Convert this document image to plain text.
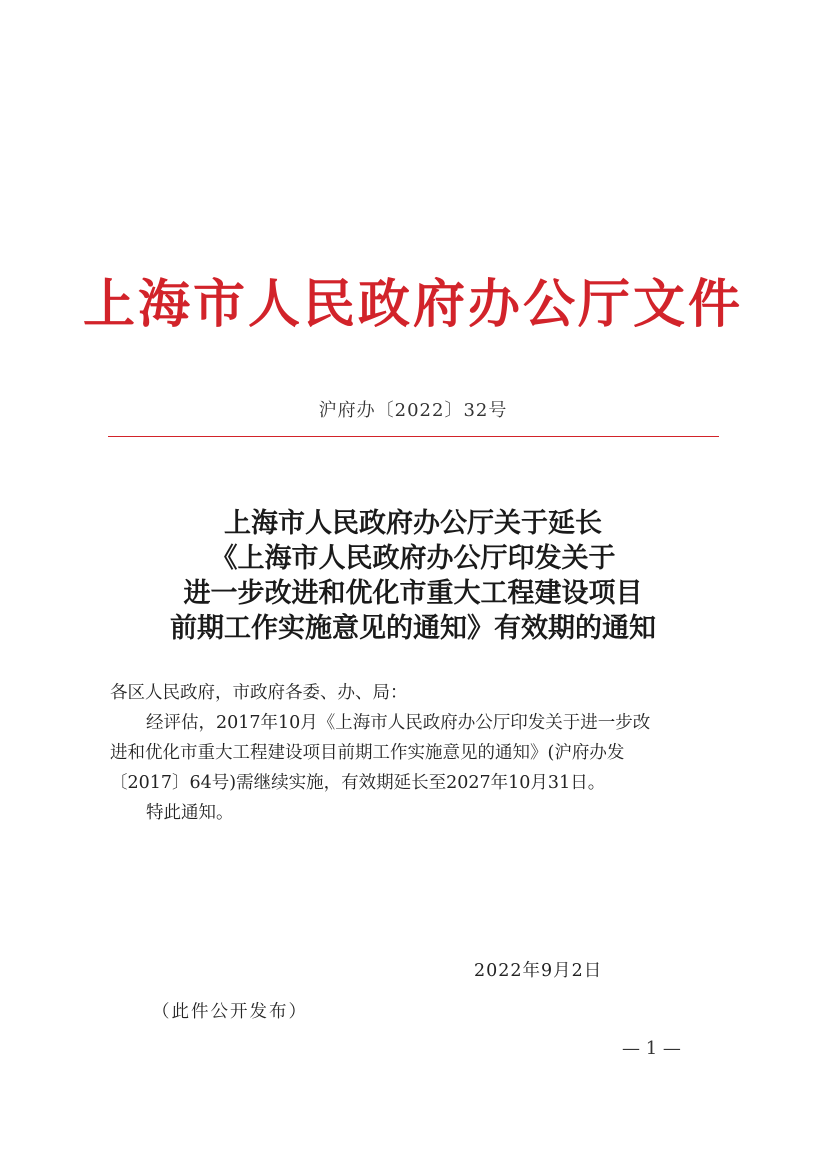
上海市人民政府办公厅文件
沪府办〔2022〕32号
上海市人民政府办公厅关于延长
《上海市人民政府办公厅印发关于
进一步改进和优化市重大工程建设项目
前期工作实施意见的通知》有效期的通知

各区人民政府，市政府各委、办、局：

经评估，2017年10月《上海市人民政府办公厅印发关于进一步改

进和优化市重大工程建设项目前期工作实施意见的通知》(沪府办发

〔2017〕64号)需继续实施，有效期延长至2027年10月31日。

特此通知。

2022年9月2日
（此件公开发布）
— 1 —
